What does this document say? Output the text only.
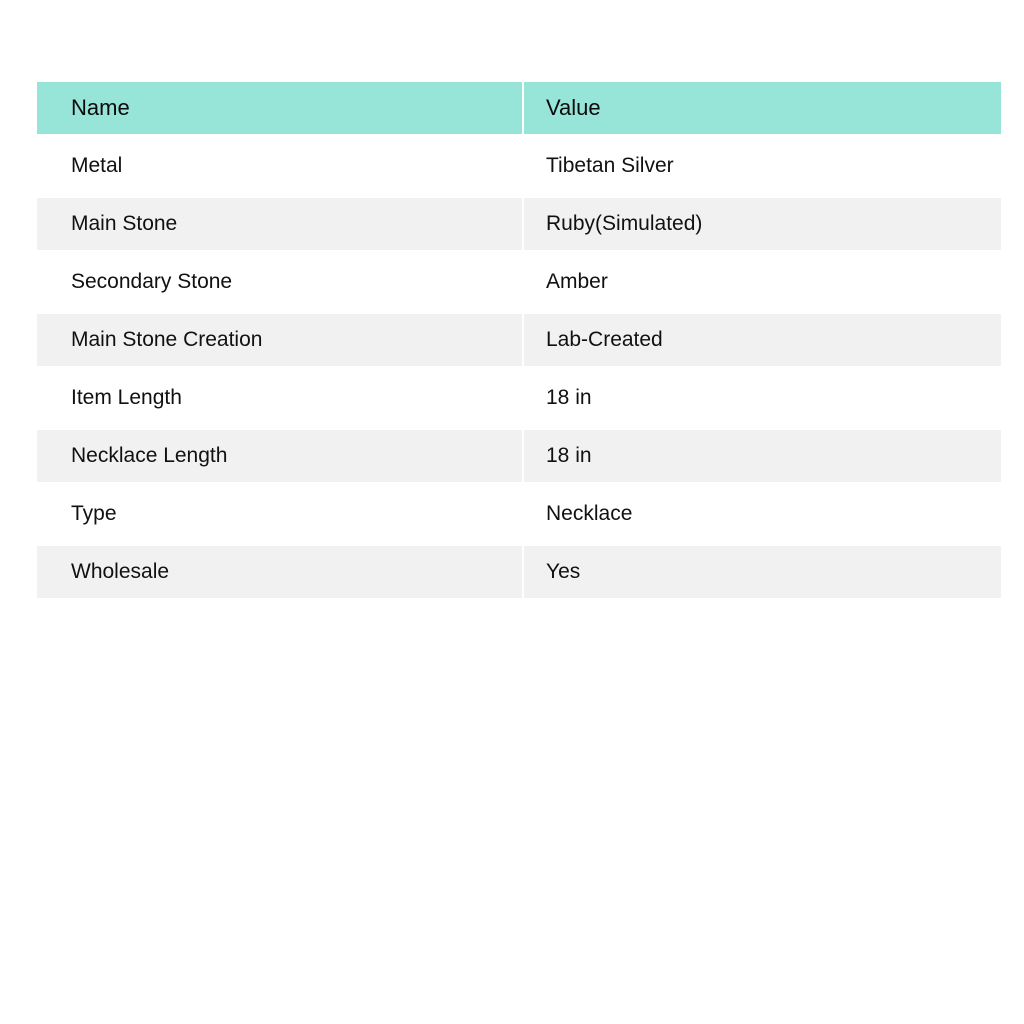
Name	Value
Metal	Tibetan Silver
Main Stone	Ruby(Simulated)
Secondary Stone	Amber
Main Stone Creation	Lab-Created
Item Length	18 in
Necklace Length	18 in
Type	Necklace
Wholesale	Yes
